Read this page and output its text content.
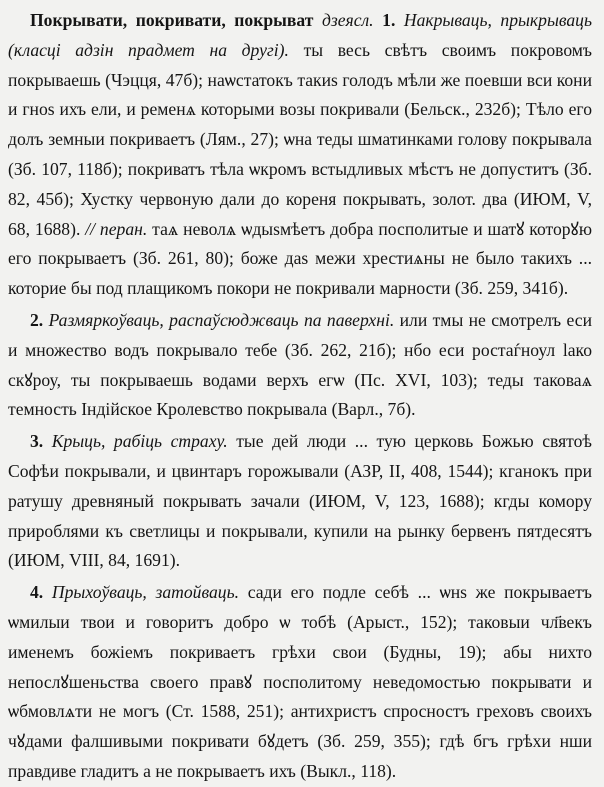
Покрывати, покривати, покрыват дзеясл. 1. Накрываць, прыкрываць (класці адзін прадмет на другі). ты весь свѣтъ своимъ покровомъ покрываешь (Чэцця, 47б); наѡстатокъ такиѕ голодъ мѣли же поевши вси кони и гноѕ ихъ ели, и ременѧ которыми возы покривали (Бельск., 232б); Тѣло его долъ земныи покриваетъ (Лям., 27); ѡна теды шматинками голову покрывала (Зб. 107, 118б); покриватъ тѣла ѡкромъ встыдливых мѣстъ не допуститъ (Зб. 82, 45б); Хустку червоную дали до кореня покрывать, золот. два (ИЮМ, V, 68, 1688). // перан. таѧ неволѧ ѡдыѕмѣетъ добра посполитые и шатꙋ которꙋю его покрываетъ (Зб. 261, 80); боже даѕ межи хрестиѧны не было такихъ ... которие бы под плащикомъ покори не покривали марности (Зб. 259, 341б).

2. Размяркоўваць, распаўсюджваць па паверхні. или тмы не смотрелъ еси и множество водъ покрывало тебе (Зб. 262, 21б); нбо еси ростаѓноул ӏако скꙋроу, ты покрываешь водами верхъ егѡ (Пс. XVI, 103); теды таковаѧ темность Індійское Кролевство покрывала (Варл., 7б).

3. Крыць, рабіць страху. тые дей люди ... тую церковь Божью святоѣ Софѣи покрывали, и цвинтаръ горожывали (АЗР, II, 408, 1544); кганокъ при ратушу древняный покрывать зачали (ИЮМ, V, 123, 1688); кгды комору прироблями къ светлицы и покрывали, купили на рынку бервенъ пятдесятъ (ИЮМ, VIII, 84, 1691).

4. Прыхоўваць, затойваць. сади его подле себѣ ... ѡнѕ же покрываетъ ѡмилыи твои и говоритъ добро ѡ тобѣ (Арыст., 152); таковыи чл҃векъ именемъ божіемъ покриваетъ грѣхи свои (Будны, 19); абы нихто непослꙋшеньства своего правꙋ посполитому неведомостью покрывати и ѡбмовлѧти не могъ (Ст. 1588, 251); антихристъ спросностъ греховъ своихъ чꙋдами фалшивыми покривати бꙋдетъ (Зб. 259, 355); гдѣ бгъ грѣхи нши правдиве гладитъ а не покрываетъ ихъ (Выкл., 118).
